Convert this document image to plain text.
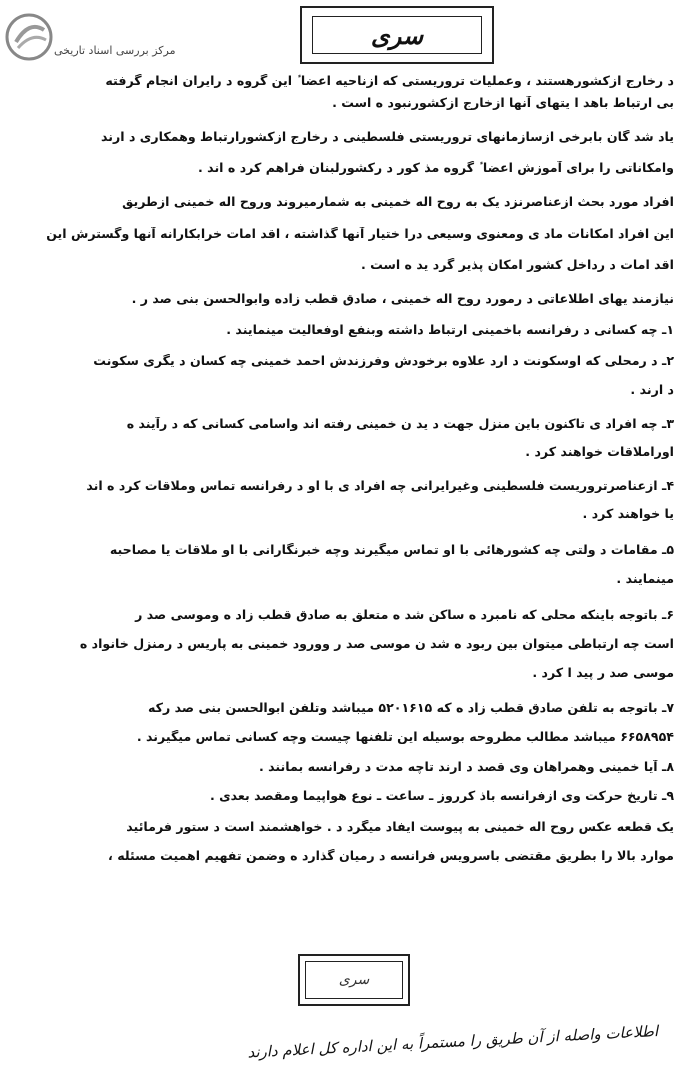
مرکز بررسی اسناد تاریخی
سری
د رخارج ازکشورهستند ، وعملیات تروریستی که ازناحیه اعضا ٔ این گروه د رایران انجام گرفته
بی ارتباط باهد ا یتهای آنها ازخارج ازکشورنبود ه است .
یاد شد گان بابرخی ازسازمانهای تروریستی فلسطینی د رخارج ازکشورارتباط وهمکاری د ارند
وامکاناتی را برای آموزش اعضا ٔ گروه مذ کور د رکشورلبنان فراهم کرد ه اند .
افراد مورد بحث ازعناصرنزد یک به روح اله خمینی به شمارمیروند وروح اله خمینی ازطریق
این افراد امکانات ماد ی ومعنوی وسیعی درا ختیار آنها گذاشته ، اقد امات خرابکارانه آنها وگسترش این
اقد امات د رداخل کشور امکان پذیر گرد ید ه است .
نیازمند یهای اطلاعاتی د رمورد روح اله خمینی ، صادق قطب زاده وابوالحسن بنی صد ر .
۱ـ چه کسانی د رفرانسه باخمینی ارتباط داشته وبنفع اوفعالیت مینمایند .
۲ـ د رمحلی که اوسکونت د ارد علاوه برخودش وفرزندش احمد خمینی چه کسان د یگری سکونت
د ارند .
۳ـ چه افراد ی تاکنون باین منزل جهت د ید ن خمینی رفته اند واسامی کسانی که د رآیند ه
اوراملاقات خواهند کرد .
۴ـ ازعناصرتروریست فلسطینی وغیرایرانی چه افراد ی با او د رفرانسه تماس وملاقات کرد ه اند
یا خواهند کرد .
۵ـ مقامات د ولتی چه کشورهائی با او تماس میگیرند وچه خبرنگارانی با او ملاقات یا مصاحبه
مینمایند .
۶ـ باتوجه باینکه محلی که نامبرد ه ساکن شد ه متعلق به صادق قطب زاد ه وموسی صد ر
است چه ارتباطی میتوان بین ربود ه شد ن موسی صد ر وورود خمینی به پاریس د رمنزل خانواد ه
موسی صد ر پید ا کرد .
۷ـ باتوجه به تلفن صادق قطب زاد ه که ۵۲۰۱۶۱۵ میباشد وتلفن ابوالحسن بنی صد رکه
۶۶۵۸۹۵۴ میباشد مطالب مطروحه بوسیله این تلفنها چیست وچه کسانی تماس میگیرند .
۸ـ آیا خمینی وهمراهان وی قصد د ارند تاچه مدت د رفرانسه بمانند .
۹ـ تاریخ حرکت وی ازفرانسه باذ کرروز ـ ساعت ـ نوع هواپیما ومقصد بعدی .
یک قطعه عکس روح اله خمینی به پیوست ایفاد میگرد د . خواهشمند است د ستور فرمائید
موارد بالا را بطریق مقتضی باسرویس فرانسه د رمیان گذارد ه وضمن تفهیم اهمیت مسئله ،
سری
اطلاعات واصله از آن طریق را مستمراً به این اداره کل اعلام دارند
